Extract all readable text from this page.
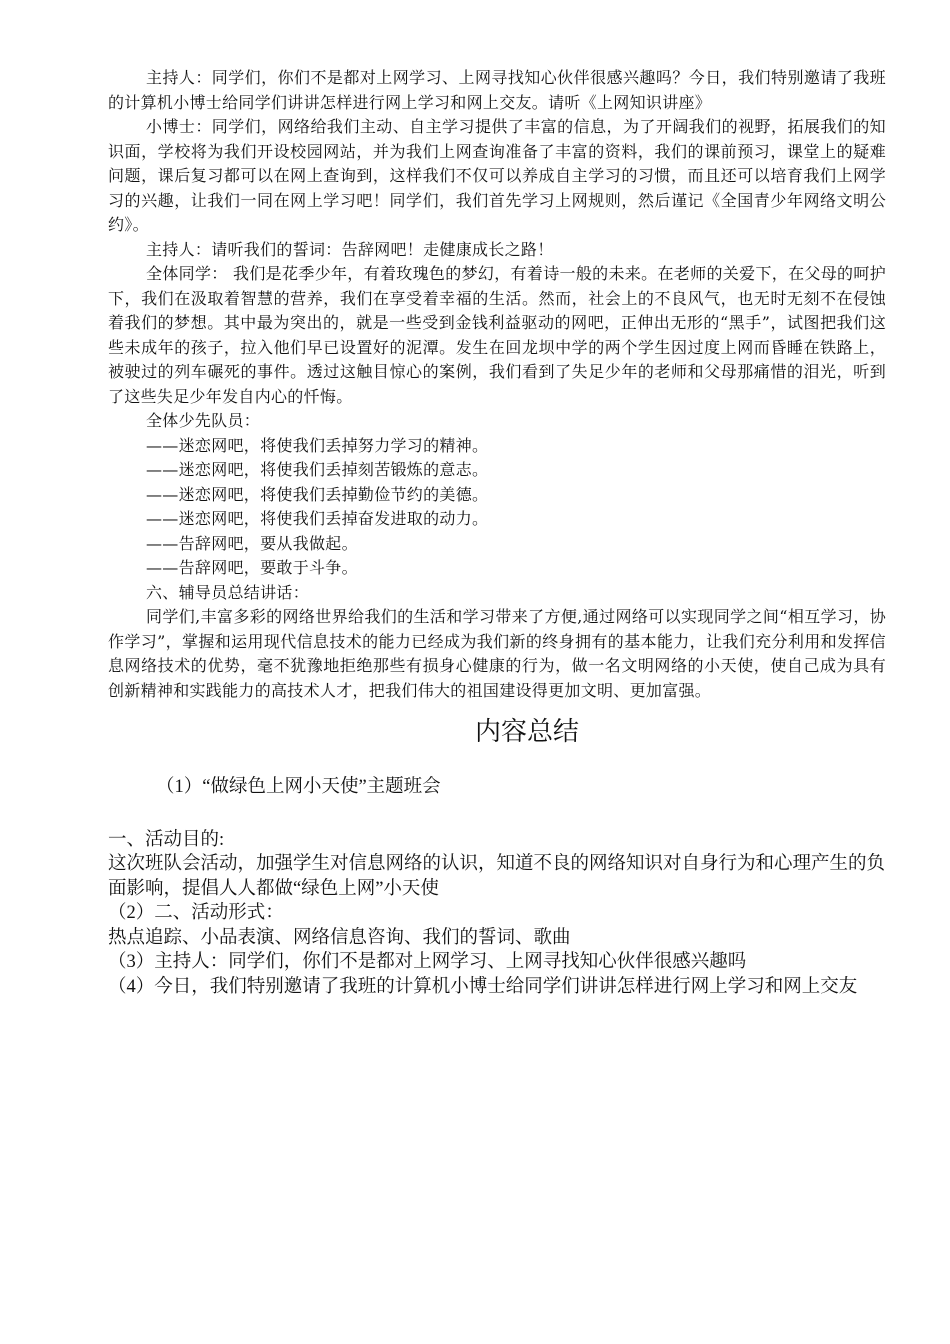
主持人：同学们，你们不是都对上网学习、上网寻找知心伙伴很感兴趣吗？今日，我们特别邀请了我班的计算机小博士给同学们讲讲怎样进行网上学习和网上交友。请听《上网知识讲座》

小博士：同学们，网络给我们主动、自主学习提供了丰富的信息，为了开阔我们的视野，拓展我们的知识面，学校将为我们开设校园网站，并为我们上网查询准备了丰富的资料，我们的课前预习，课堂上的疑难问题，课后复习都可以在网上查询到，这样我们不仅可以养成自主学习的习惯，而且还可以培育我们上网学习的兴趣，让我们一同在网上学习吧！同学们，我们首先学习上网规则，然后谨记《全国青少年网络文明公约》。

主持人：请听我们的誓词：告辞网吧！走健康成长之路！

全体同学： 我们是花季少年，有着玫瑰色的梦幻，有着诗一般的未来。在老师的关爱下，在父母的呵护下，我们在汲取着智慧的营养，我们在享受着幸福的生活。然而，社会上的不良风气，也无时无刻不在侵蚀着我们的梦想。其中最为突出的，就是一些受到金钱利益驱动的网吧，正伸出无形的“黑手”，试图把我们这些未成年的孩子，拉入他们早已设置好的泥潭。发生在回龙坝中学的两个学生因过度上网而昏睡在铁路上，被驶过的列车碾死的事件。透过这触目惊心的案例，我们看到了失足少年的老师和父母那痛惜的泪光，听到了这些失足少年发自内心的忏悔。

全体少先队员：

——迷恋网吧，将使我们丢掉努力学习的精神。

——迷恋网吧，将使我们丢掉刻苦锻炼的意志。

——迷恋网吧，将使我们丢掉勤俭节约的美德。

——迷恋网吧，将使我们丢掉奋发进取的动力。

——告辞网吧，要从我做起。

——告辞网吧，要敢于斗争。

六、辅导员总结讲话：

同学们,丰富多彩的网络世界给我们的生活和学习带来了方便,通过网络可以实现同学之间“相互学习，协作学习”，掌握和运用现代信息技术的能力已经成为我们新的终身拥有的基本能力，让我们充分利用和发挥信息网络技术的优势，毫不犹豫地拒绝那些有损身心健康的行为，做一名文明网络的小天使，使自己成为具有创新精神和实践能力的高技术人才，把我们伟大的祖国建设得更加文明、更加富强。

内容总结

（1）“做绿色上网小天使”主题班会

一、活动目的:

这次班队会活动，加强学生对信息网络的认识，知道不良的网络知识对自身行为和心理产生的负面影响，提倡人人都做“绿色上网”小天使

（2）二、活动形式：

热点追踪、小品表演、网络信息咨询、我们的誓词、歌曲

（3）主持人：同学们，你们不是都对上网学习、上网寻找知心伙伴很感兴趣吗

（4）今日，我们特别邀请了我班的计算机小博士给同学们讲讲怎样进行网上学习和网上交友
